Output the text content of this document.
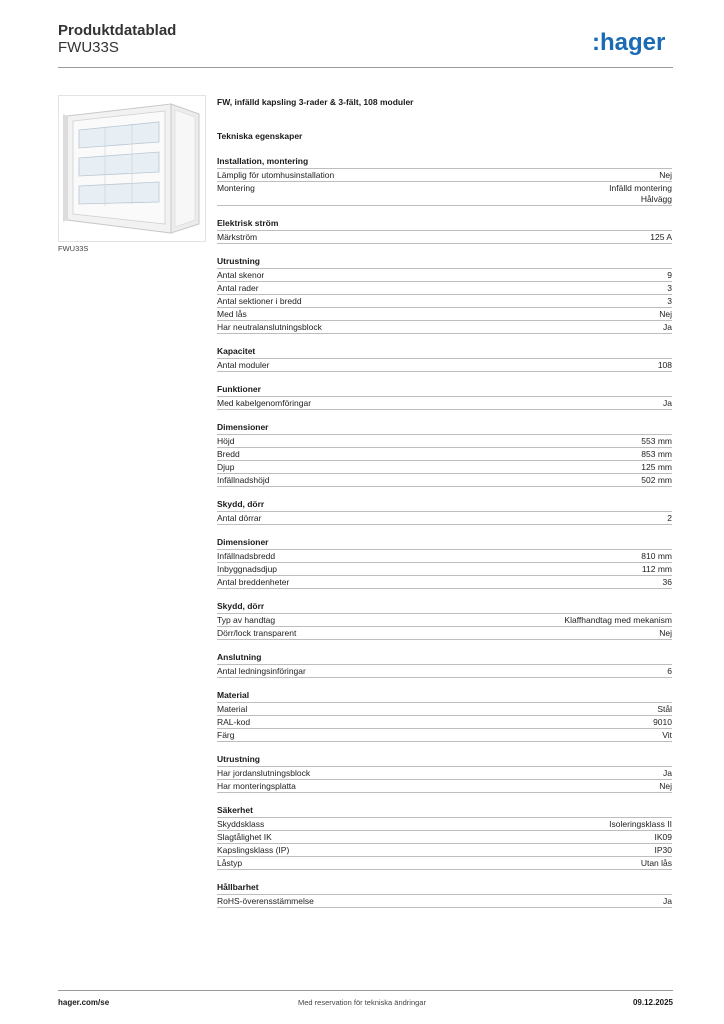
Produktdatablad
FWU33S	:hager
FWU33S
FW, infälld kapsling 3-rader & 3-fält, 108 moduler
Tekniska egenskaper
Installation, montering
Lämplig för utomhusinstallation	Nej
Montering	Infälld montering
Hålvägg
Elektrisk ström
Märkström	125 A
Utrustning
Antal skenor	9
Antal rader	3
Antal sektioner i bredd	3
Med lås	Nej
Har neutralanslutningsblock	Ja
Kapacitet
Antal moduler	108
Funktioner
Med kabelgenomföringar	Ja
Dimensioner
Höjd	553 mm
Bredd	853 mm
Djup	125 mm
Infällnadshöjd	502 mm
Skydd, dörr
Antal dörrar	2
Dimensioner
Infällnadsbredd	810 mm
Inbyggnadsdjup	112 mm
Antal breddenheter	36
Skydd, dörr
Typ av handtag	Klaffhandtag med mekanism
Dörr/lock transparent	Nej
Anslutning
Antal ledningsinföringar	6
Material
Material	Stål
RAL-kod	9010
Färg	Vit
Utrustning
Har jordanslutningsblock	Ja
Har monteringsplatta	Nej
Säkerhet
Skyddsklass	Isoleringsklass II
Slagtålighet IK	IK09
Kapslingsklass (IP)	IP30
Låstyp	Utan lås
Hållbarhet
RoHS-överensstämmelse	Ja
hager.com/se	Med reservation för tekniska ändringar	09.12.2025
